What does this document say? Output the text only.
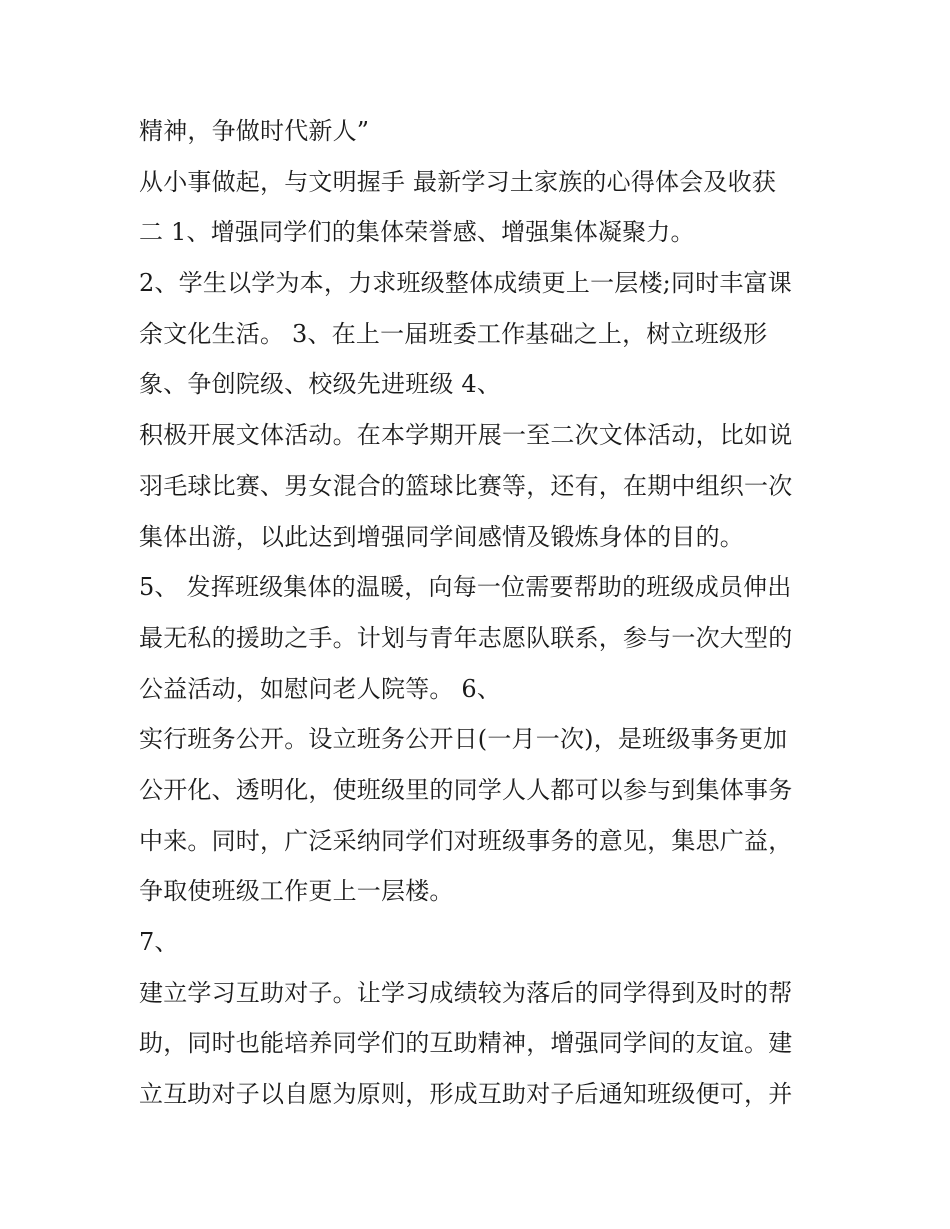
精神，争做时代新人”
从小事做起，与文明握手 最新学习土家族的心得体会及收获
二 1、增强同学们的集体荣誉感、增强集体凝聚力。
2、学生以学为本，力求班级整体成绩更上一层楼;同时丰富课
余文化生活。 3、在上一届班委工作基础之上，树立班级形
象、争创院级、校级先进班级 4、
积极开展文体活动。在本学期开展一至二次文体活动，比如说
羽毛球比赛、男女混合的篮球比赛等，还有，在期中组织一次
集体出游，以此达到增强同学间感情及锻炼身体的目的。
5、 发挥班级集体的温暖，向每一位需要帮助的班级成员伸出
最无私的援助之手。计划与青年志愿队联系，参与一次大型的
公益活动，如慰问老人院等。 6、
实行班务公开。设立班务公开日(一月一次)，是班级事务更加
公开化、透明化，使班级里的同学人人都可以参与到集体事务
中来。同时，广泛采纳同学们对班级事务的意见，集思广益，
争取使班级工作更上一层楼。
7、
建立学习互助对子。让学习成绩较为落后的同学得到及时的帮
助，同时也能培养同学们的互助精神，增强同学间的友谊。建
立互助对子以自愿为原则，形成互助对子后通知班级便可，并
